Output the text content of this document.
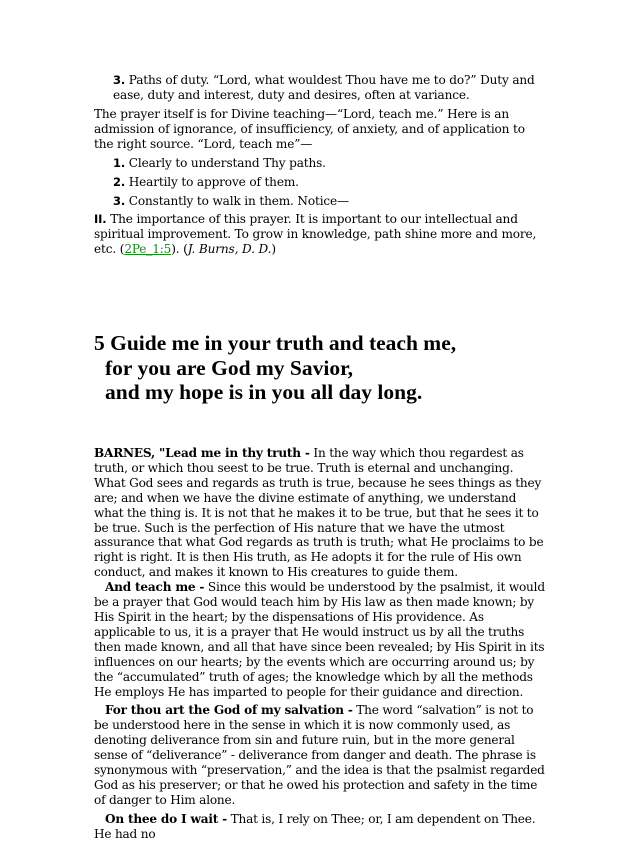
3. Paths of duty. “Lord, what wouldest Thou have me to do?” Duty and ease, duty and interest, duty and desires, often at variance.

The prayer itself is for Divine teaching—“Lord, teach me.” Here is an admission of ignorance, of insufficiency, of anxiety, and of application to the right source. “Lord, teach me”—

1. Clearly to understand Thy paths.

2. Heartily to approve of them.

3. Constantly to walk in them. Notice—

II. The importance of this prayer. It is important to our intellectual and spiritual improvement. To grow in knowledge, path shine more and more, etc. (2Pe_1:5). (J. Burns, D. D.)

5 Guide me in your truth and teach me,
for you are God my Savior,
and my hope is in you all day long.
BARNES, "Lead me in thy truth - In the way which thou regardest as truth, or which thou seest to be true. Truth is eternal and unchanging. What God sees and regards as truth is true, because he sees things as they are; and when we have the divine estimate of anything, we understand what the thing is. It is not that he makes it to be true, but that he sees it to be true. Such is the perfection of His nature that we have the utmost assurance that what God regards as truth is truth; what He proclaims to be right is right. It is then His truth, as He adopts it for the rule of His own conduct, and makes it known to His creatures to guide them.
And teach me - Since this would be understood by the psalmist, it would be a prayer that God would teach him by His law as then made known; by His Spirit in the heart; by the dispensations of His providence. As applicable to us, it is a prayer that He would instruct us by all the truths then made known, and all that have since been revealed; by His Spirit in its influences on our hearts; by the events which are occurring around us; by the “accumulated” truth of ages; the knowledge which by all the methods He employs He has imparted to people for their guidance and direction.
For thou art the God of my salvation - The word “salvation” is not to be understood here in the sense in which it is now commonly used, as denoting deliverance from sin and future ruin, but in the more general sense of “deliverance” - deliverance from danger and death. The phrase is synonymous with “preservation,” and the idea is that the psalmist regarded God as his preserver; or that he owed his protection and safety in the time of danger to Him alone.
On thee do I wait - That is, I rely on Thee; or, I am dependent on Thee. He had no
